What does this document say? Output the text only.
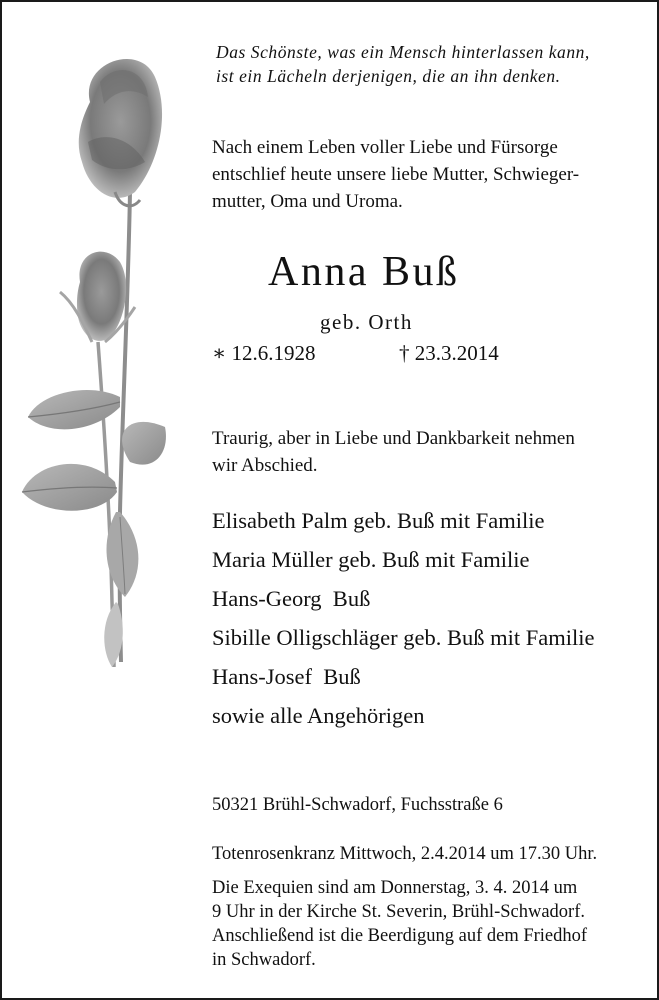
Das Schönste, was ein Mensch hinterlassen kann,
ist ein Lächeln derjenigen, die an ihn denken.
Nach einem Leben voller Liebe und Fürsorge
entschlief heute unsere liebe Mutter, Schwieger-
mutter, Oma und Uroma.
Anna Buß
geb. Orth
∗ 12.6.1928	† 23.3.2014
Traurig, aber in Liebe und Dankbarkeit nehmen
wir Abschied.
Elisabeth Palm geb. Buß mit Familie
Maria Müller geb. Buß mit Familie
Hans-Georg  Buß
Sibille Olligschläger geb. Buß mit Familie
Hans-Josef  Buß
sowie alle Angehörigen
50321 Brühl-Schwadorf, Fuchsstraße 6
Totenrosenkranz Mittwoch, 2.4.2014 um 17.30 Uhr.
Die Exequien sind am Donnerstag, 3. 4. 2014 um
9 Uhr in der Kirche St. Severin, Brühl-Schwadorf.
Anschließend ist die Beerdigung auf dem Friedhof
in Schwadorf.
